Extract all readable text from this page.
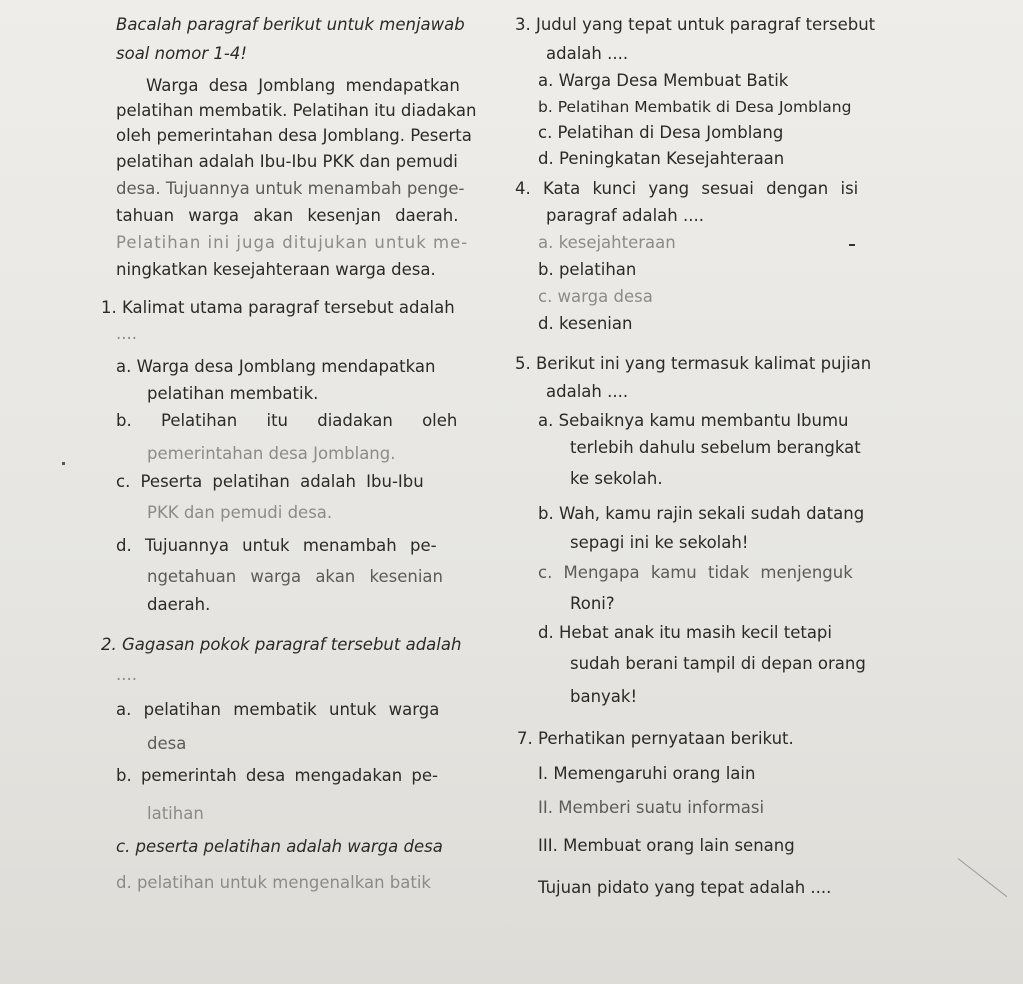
Bacalah paragraf berikut untuk menjawab
soal nomor 1-4!
Warga desa Jomblang mendapatkan
pelatihan membatik. Pelatihan itu diadakan
oleh pemerintahan desa Jomblang. Peserta
pelatihan adalah Ibu-Ibu PKK dan pemudi
desa. Tujuannya untuk menambah penge-
tahuan warga akan kesenjan daerah.
Pelatihan ini juga ditujukan untuk me-
ningkatkan kesejahteraan warga desa.
1. Kalimat utama paragraf tersebut adalah
....
a. Warga desa Jomblang mendapatkan
pelatihan membatik.
b. Pelatihan itu diadakan oleh
pemerintahan desa Jomblang.
c. Peserta pelatihan adalah Ibu-Ibu
PKK dan pemudi desa.
d. Tujuannya untuk menambah pe-
ngetahuan warga akan kesenian
daerah.
2. Gagasan pokok paragraf tersebut adalah
....
a. pelatihan membatik untuk warga
desa
b. pemerintah desa mengadakan pe-
latihan
c. peserta pelatihan adalah warga desa
d. pelatihan untuk mengenalkan batik
3. Judul yang tepat untuk paragraf tersebut
adalah ....
a. Warga Desa Membuat Batik
b. Pelatihan Membatik di Desa Jomblang
c. Pelatihan di Desa Jomblang
d. Peningkatan Kesejahteraan
4. Kata kunci yang sesuai dengan isi
paragraf adalah ....
a. kesejahteraan
b. pelatihan
c. warga desa
d. kesenian
5. Berikut ini yang termasuk kalimat pujian
adalah ....
a. Sebaiknya kamu membantu Ibumu
terlebih dahulu sebelum berangkat
ke sekolah.
b. Wah, kamu rajin sekali sudah datang
sepagi ini ke sekolah!
c. Mengapa kamu tidak menjenguk
Roni?
d. Hebat anak itu masih kecil tetapi
sudah berani tampil di depan orang
banyak!
7. Perhatikan pernyataan berikut.
I. Memengaruhi orang lain
II. Memberi suatu informasi
III. Membuat orang lain senang
Tujuan pidato yang tepat adalah ....
